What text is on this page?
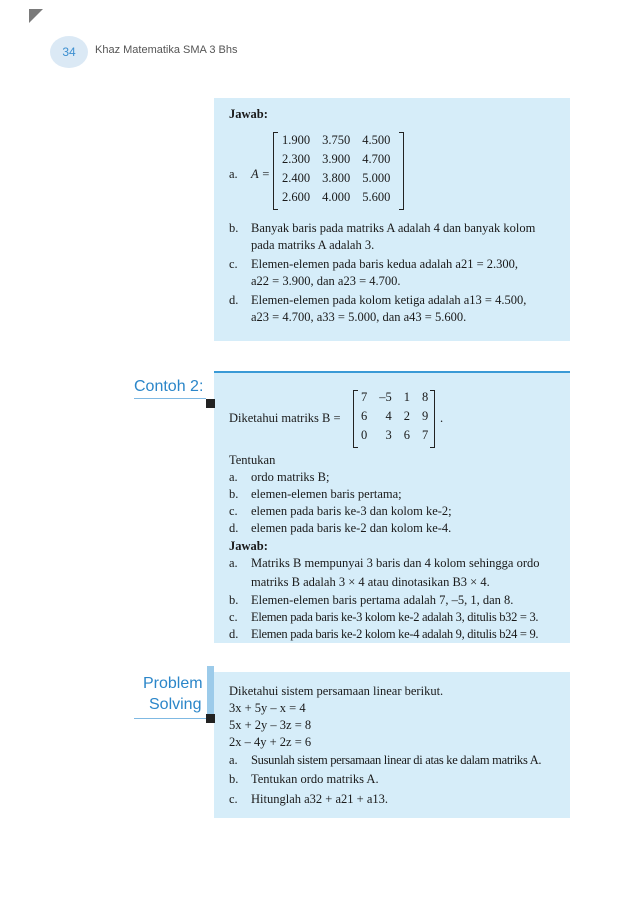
34	Khaz Matematika SMA 3 Bhs
Jawab:
a. A =
1.900	3.750	4.500
2.300	3.900	4.700
2.400	3.800	5.000
2.600	4.000	5.600
b. Banyak baris pada matriks A adalah 4 dan banyak kolom
pada matriks A adalah 3.
c. Elemen-elemen pada baris kedua adalah a21 = 2.300,
a22 = 3.900, dan a23 = 4.700.
d. Elemen-elemen pada kolom ketiga adalah a13 = 4.500,
a23 = 4.700, a33 = 5.000, dan a43 = 5.600.
Contoh 2:
Diketahui matriks B =
7	–5	1	8
6	4	2	9
0	3	6	7
.
Tentukan
a. ordo matriks B;
b. elemen-elemen baris pertama;
c. elemen pada baris ke-3 dan kolom ke-2;
d. elemen pada baris ke-2 dan kolom ke-4.
Jawab:
a. Matriks B mempunyai 3 baris dan 4 kolom sehingga ordo
matriks B adalah 3 × 4 atau dinotasikan B3 × 4.
b. Elemen-elemen baris pertama adalah 7, –5, 1, dan 8.
c. Elemen pada baris ke-3 kolom ke-2 adalah 3, ditulis b32 = 3.
d. Elemen pada baris ke-2 kolom ke-4 adalah 9, ditulis b24 = 9.
Problem
Solving
Diketahui sistem persamaan linear berikut.
3x + 5y – x = 4
5x + 2y – 3z = 8
2x – 4y + 2z = 6
a. Susunlah sistem persamaan linear di atas ke dalam matriks A.
b. Tentukan ordo matriks A.
c. Hitunglah a32 + a21 + a13.
